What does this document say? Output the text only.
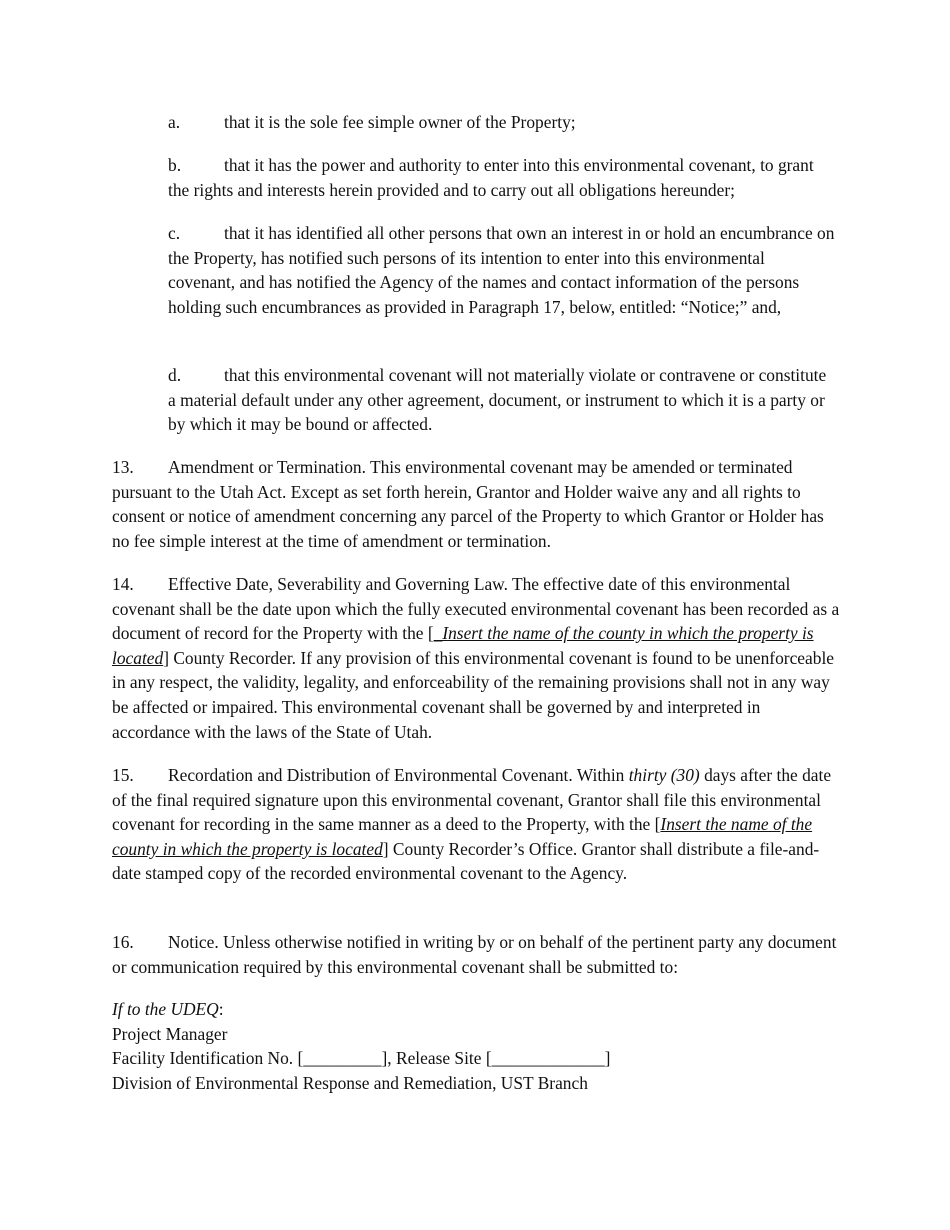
a.	that it is the sole fee simple owner of the Property;

b. that it has the power and authority to enter into this environmental covenant, to grant the rights and interests herein provided and to carry out all obligations hereunder;

c.	that it has identified all other persons that own an interest in or hold an encumbrance on the Property, has notified such persons of its intention to enter into this environmental covenant, and has notified the Agency of the names and contact information of the persons holding such encumbrances as provided in Paragraph 17, below, entitled: “Notice;” and,

d. that this environmental covenant will not materially violate or contravene or constitute a material default under any other agreement, document, or instrument to which it is a party or by which it may be bound or affected.

13. Amendment or Termination. This environmental covenant may be amended or terminated pursuant to the Utah Act. Except as set forth herein, Grantor and Holder waive any and all rights to consent or notice of amendment concerning any parcel of the Property to which Grantor or Holder has no fee simple interest at the time of amendment or termination.

14. Effective Date, Severability and Governing Law. The effective date of this environmental covenant shall be the date upon which the fully executed environmental covenant has been recorded as a document of record for the Property with the [_Insert the name of the county in which the property is located] County Recorder. If any provision of this environmental covenant is found to be unenforceable in any respect, the validity, legality, and enforceability of the remaining provisions shall not in any way be affected or impaired. This environmental covenant shall be governed by and interpreted in accordance with the laws of the State of Utah.

15. Recordation and Distribution of Environmental Covenant. Within thirty (30) days after the date of the final required signature upon this environmental covenant, Grantor shall file this environmental covenant for recording in the same manner as a deed to the Property, with the [Insert the name of the county in which the property is located] County Recorder’s Office. Grantor shall distribute a file-and-date stamped copy of the recorded environmental covenant to the Agency.

16. Notice. Unless otherwise notified in writing by or on behalf of the pertinent party any document or communication required by this environmental covenant shall be submitted to:

If to the UDEQ:
Project Manager
Facility Identification No. [_________], Release Site [_____________]
Division of Environmental Response and Remediation, UST Branch
